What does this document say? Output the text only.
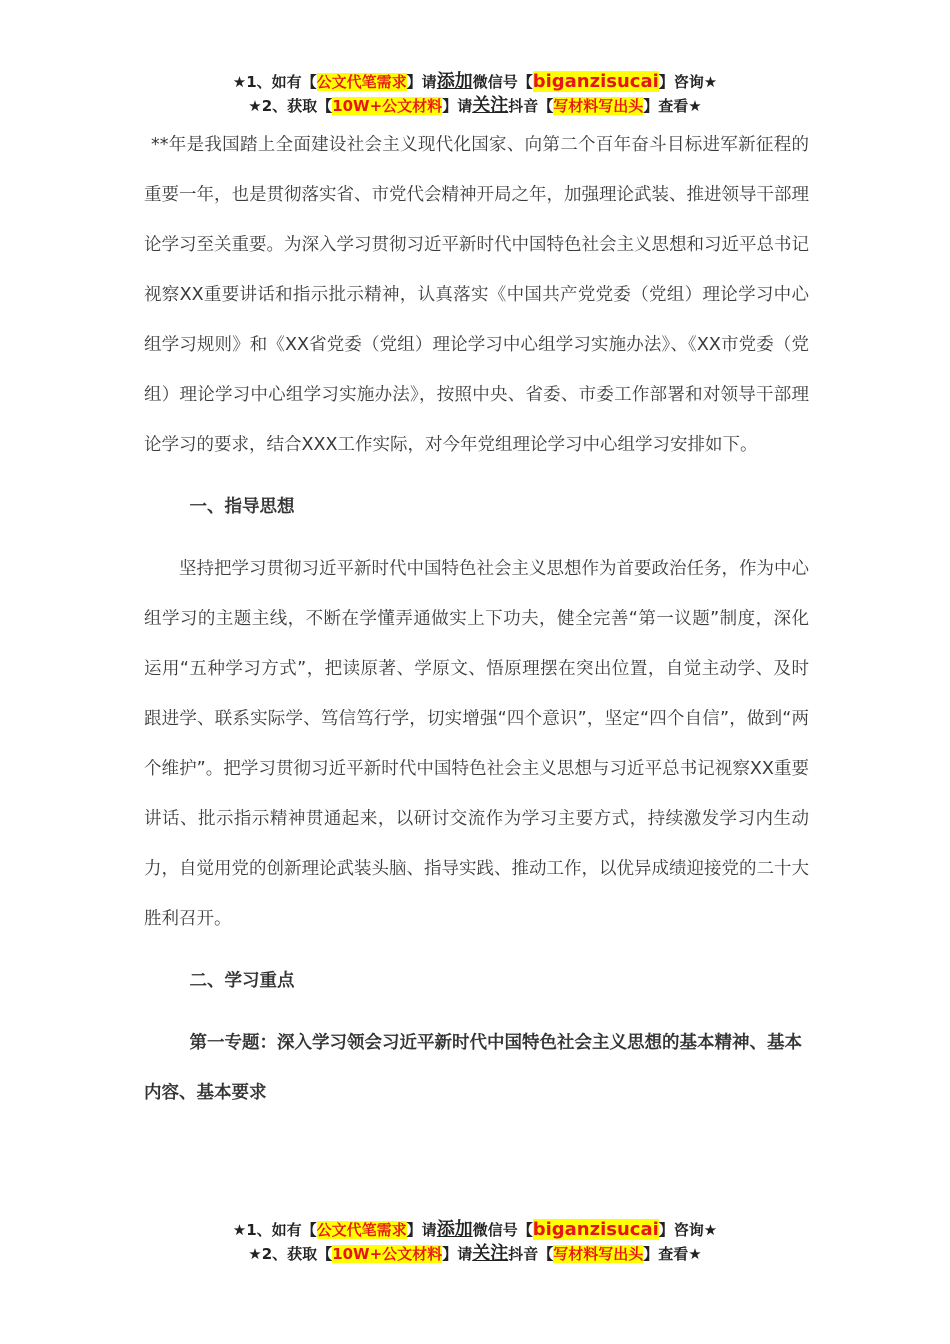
★1、如有【公文代笔需求】请添加微信号【biganzisucai】咨询★
★2、获取【10W+公文材料】请关注抖音【写材料写出头】查看★

**年是我国踏上全面建设社会主义现代化国家、向第二个百年奋斗目标进军新征程的重要一年，也是贯彻落实省、市党代会精神开局之年，加强理论武装、推进领导干部理论学习至关重要。为深入学习贯彻习近平新时代中国特色社会主义思想和习近平总书记视察XX重要讲话和指示批示精神，认真落实《中国共产党党委（党组）理论学习中心组学习规则》和《XX省党委（党组）理论学习中心组学习实施办法》、《XX市党委（党组）理论学习中心组学习实施办法》，按照中央、省委、市委工作部署和对领导干部理论学习的要求，结合XXX工作实际，对今年党组理论学习中心组学习安排如下。

一、指导思想

坚持把学习贯彻习近平新时代中国特色社会主义思想作为首要政治任务，作为中心组学习的主题主线，不断在学懂弄通做实上下功夫，健全完善“第一议题”制度，深化运用“五种学习方式”，把读原著、学原文、悟原理摆在突出位置，自觉主动学、及时跟进学、联系实际学、笃信笃行学，切实增强“四个意识”，坚定“四个自信”，做到“两个维护”。把学习贯彻习近平新时代中国特色社会主义思想与习近平总书记视察XX重要讲话、批示指示精神贯通起来，以研讨交流作为学习主要方式，持续激发学习内生动力，自觉用党的创新理论武装头脑、指导实践、推动工作，以优异成绩迎接党的二十大胜利召开。

二、学习重点

第一专题：深入学习领会习近平新时代中国特色社会主义思想的基本精神、基本内容、基本要求

★1、如有【公文代笔需求】请添加微信号【biganzisucai】咨询★
★2、获取【10W+公文材料】请关注抖音【写材料写出头】查看★
